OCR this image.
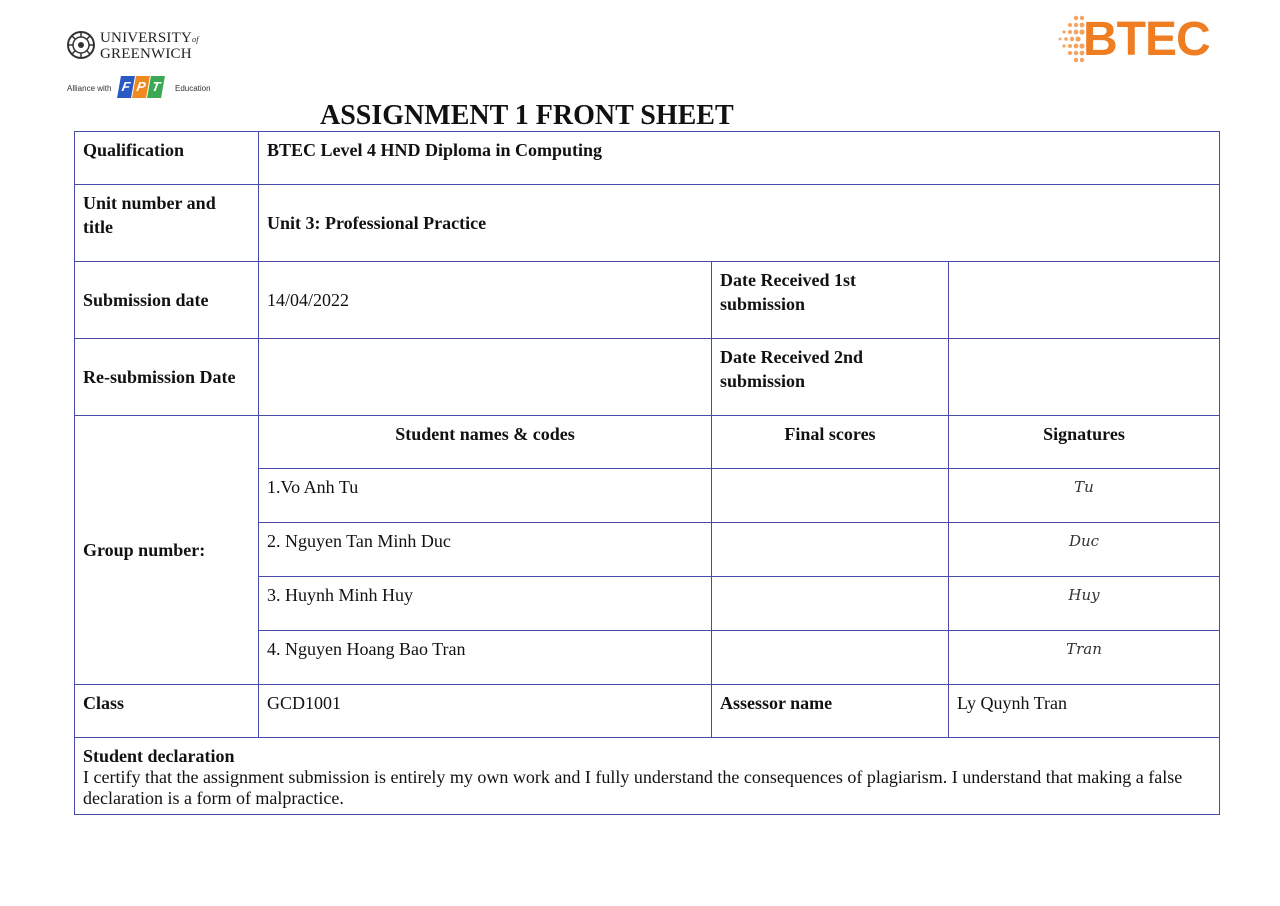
UNIVERSITYof
GREENWICH
Alliance with F P T	Education
BTEC
ASSIGNMENT 1 FRONT SHEET
Qualification	BTEC Level 4 HND Diploma in Computing		
Unit number and title	Unit 3: Professional Practice		
Submission date	14/04/2022	Date Received 1st submission	
Re-submission Date		Date Received 2nd submission	
Group number:	Student names & codes	Final scores	Signatures
	1.Vo Anh Tu		Tu
	2. Nguyen Tan Minh Duc		Duc
	3. Huynh Minh Huy		Huy
	4. Nguyen Hoang Bao Tran		Tran
Class	GCD1001	Assessor name	Ly Quynh Tran

Student declaration
I certify that the assignment submission is entirely my own work and I fully understand the consequences of plagiarism. I understand that making a false declaration is a form of malpractice.			
